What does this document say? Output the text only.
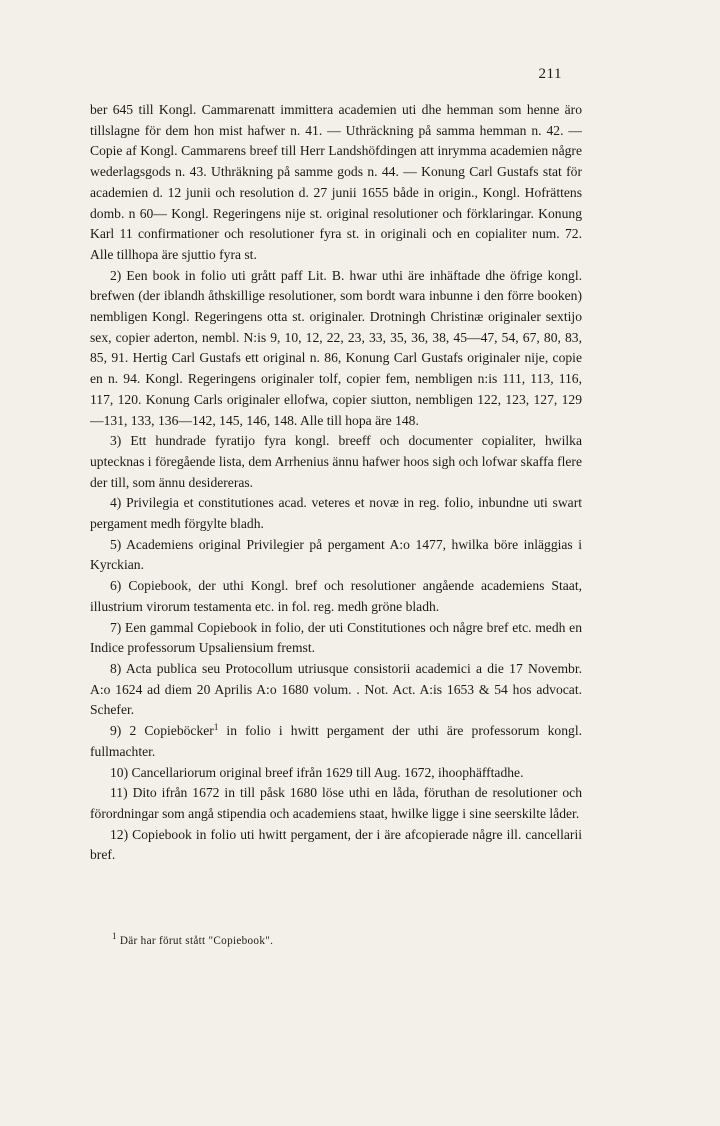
211

ber 645 till Kongl. Cammarenatt immittera academien uti dhe hemman som henne äro tillslagne för dem hon mist hafwer n. 41. — Uthräckning på samma hemman n. 42. — Copie af Kongl. Cammarens breef till Herr Landshöfdingen att inrymma academien någre wederlagsgods n. 43. Uthräkning på samme gods n. 44. — Konung Carl Gustafs stat för academien d. 12 junii och resolution d. 27 junii 1655 både in origin., Kongl. Hofrättens domb. n 60— Kongl. Regeringens nije st. original resolutioner och förklaringar. Konung Karl 11 confirmationer och resolutioner fyra st. in originali och en copialiter num. 72. Alle tillhopa äre sjuttio fyra st.

2) Een book in folio uti grått paff Lit. B. hwar uthi äre inhäftade dhe öfrige kongl. brefwen (der iblandh åthskillige resolutioner, som bordt wara inbunne i den förre booken) nembligen Kongl. Regeringens otta st. originaler. Drotningh Christinæ originaler sextijo sex, copier aderton, nembl. N:is 9, 10, 12, 22, 23, 33, 35, 36, 38, 45—47, 54, 67, 80, 83, 85, 91. Hertig Carl Gustafs ett original n. 86, Konung Carl Gustafs originaler nije, copie en n. 94. Kongl. Regeringens originaler tolf, copier fem, nembligen n:is 111, 113, 116, 117, 120. Konung Carls originaler ellofwa, copier siutton, nembligen 122, 123, 127, 129—131, 133, 136—142, 145, 146, 148. Alle till hopa äre 148.

3) Ett hundrade fyratijo fyra kongl. breeff och documenter copialiter, hwilka uptecknas i föregående lista, dem Arrhenius ännu hafwer hoos sigh och lofwar skaffa flere der till, som ännu desidereras.

4) Privilegia et constitutiones acad. veteres et novæ in reg. folio, inbundne uti swart pergament medh förgylte bladh.

5) Academiens original Privilegier på pergament A:o 1477, hwilka böre inläggias i Kyrckian.

6) Copiebook, der uthi Kongl. bref och resolutioner angående academiens Staat, illustrium virorum testamenta etc. in fol. reg. medh gröne bladh.

7) Een gammal Copiebook in folio, der uti Constitutiones och någre bref etc. medh en Indice professorum Upsaliensium fremst.

8) Acta publica seu Protocollum utriusque consistorii academici a die 17 Novembr. A:o 1624 ad diem 20 Aprilis A:o 1680 volum. . Not. Act. A:is 1653 & 54 hos advocat. Schefer.

9) 2 Copieböcker$^1$ in folio i hwitt pergament der uthi äre professorum kongl. fullmachter.

10) Cancellariorum original breef ifrån 1629 till Aug. 1672, ihoophäfftadhe.

11) Dito ifrån 1672 in till påsk 1680 löse uthi en låda, föruthan de resolutioner och förordningar som angå stipendia och academiens staat, hwilke ligge i sine seerskilte låder.

12) Copiebook in folio uti hwitt pergament, der i äre afcopierade någre ill. cancellarii bref.

$^1$ Där har förut stått "Copiebook".
